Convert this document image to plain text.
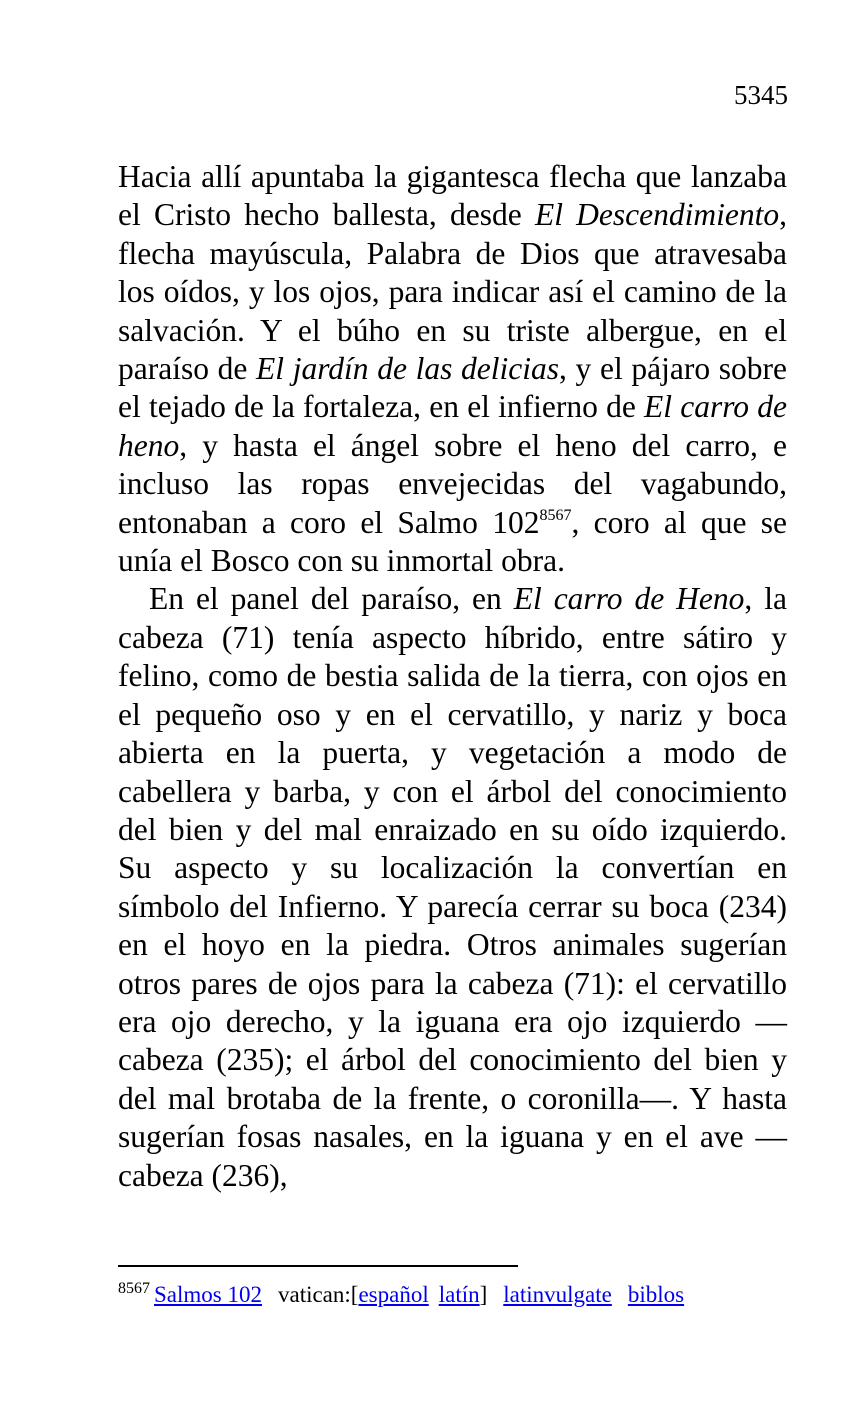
5345

Hacia allí apuntaba la gigantesca flecha que lanzaba el Cristo hecho ballesta, desde El Descendimiento, flecha mayúscula, Palabra de Dios que atravesaba los oídos, y los ojos, para indicar así el camino de la salvación. Y el búho en su triste albergue, en el paraíso de El jardín de las delicias, y el pájaro sobre el tejado de la fortaleza, en el infierno de El carro de heno, y hasta el ángel sobre el heno del carro, e incluso las ropas envejecidas del vagabundo, entonaban a coro el Salmo $102^{8567}$, coro al que se unía el Bosco con su inmortal obra.

En el panel del paraíso, en El carro de Heno, la cabeza (71) tenía aspecto híbrido, entre sátiro y felino, como de bestia salida de la tierra, con ojos en el pequeño oso y en el cervatillo, y nariz y boca abierta en la puerta, y vegetación a modo de cabellera y barba, y con el árbol del conocimiento del bien y del mal enraizado en su oído izquierdo. Su aspecto y su localización la convertían en símbolo del Infierno. Y parecía cerrar su boca (234) en el hoyo en la piedra. Otros animales sugerían otros pares de ojos para la cabeza (71): el cervatillo era ojo derecho, y la iguana era ojo izquierdo —cabeza (235); el árbol del conocimiento del bien y del mal brotaba de la frente, o coronilla—. Y hasta sugerían fosas nasales, en la iguana y en el ave —cabeza (236),

$^{8567}$ Salmos 102 vatican:[español latín] latinvulgate biblos
